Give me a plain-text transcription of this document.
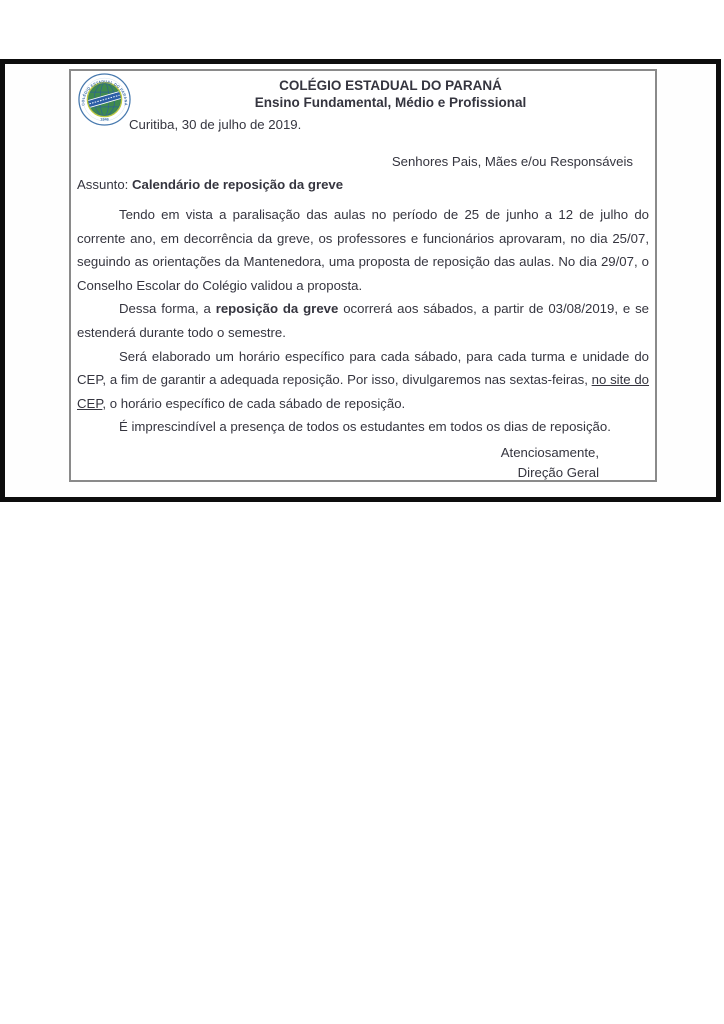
COLÉGIO ESTADUAL DO PARANÁ
1846
COLÉGIO ESTADUAL DO PARANÁ
Ensino Fundamental, Médio e Profissional
Curitiba, 30 de julho de 2019.
Senhores Pais, Mães e/ou Responsáveis
Assunto: Calendário de reposição da greve

Tendo em vista a paralisação das aulas no período de 25 de junho a 12 de julho do corrente ano, em decorrência da greve, os professores e funcionários aprovaram, no dia 25/07, seguindo as orientações da Mantenedora, uma proposta de reposição das aulas. No dia 29/07, o Conselho Escolar do Colégio validou a proposta.

Dessa forma, a reposição da greve ocorrerá aos sábados, a partir de 03/08/2019, e se estenderá durante todo o semestre.

Será elaborado um horário específico para cada sábado, para cada turma e unidade do CEP, a fim de garantir a adequada reposição. Por isso, divulgaremos nas sextas-feiras, no site do CEP, o horário específico de cada sábado de reposição.

É imprescindível a presença de todos os estudantes em todos os dias de reposição.

Atenciosamente,
Direção Geral
